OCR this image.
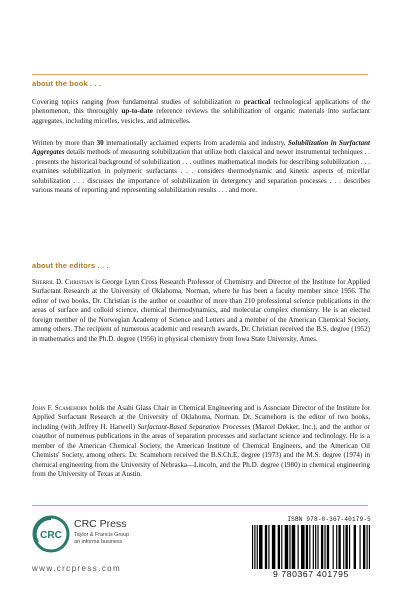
about the book . . .

Covering topics ranging from fundamental studies of solubilization to practical technological applications of the phenomenon, this thoroughly up-to-date reference reviews the solubilization of organic materials into surfactant aggregates, including micelles, vesicles, and admicelles.

Written by more than 30 internationally acclaimed experts from academia and industry, Solubilization in Surfactant Aggregates details methods of measuring solubilization that utilize both classical and newer instrumental techniques . . . presents the historical background of solubilization . . . outlines mathematical models for describing solubilization . . . examines solubilization in polymeric surfactants . . . considers thermodynamic and kinetic aspects of micellar solubilization . . . discusses the importance of solubilization in detergency and separation processes . . . describes various means of reporting and representing solubilization results . . . and more.

about the editors . . .

Sherril D. Christian is George Lynn Cross Research Professor of Chemistry and Director of the Institute for Applied Surfactant Research at the University of Oklahoma, Norman, where he has been a faculty member since 1956. The editor of two books, Dr. Christian is the author or coauthor of more than 210 professional science publications in the areas of surface and colloid science, chemical thermodynamics, and molecular complex chemistry. He is an elected foreign member of the Norwegian Academy of Science and Letters and a member of the American Chemical Society, among others. The recipient of numerous academic and research awards, Dr. Christian received the B.S. degree (1952) in mathematics and the Ph.D. degree (1956) in physical chemistry from Iowa State University, Ames.

John F. Scamehorn holds the Asahi Glass Chair in Chemical Engineering and is Associate Director of the Institute for Applied Surfactant Research at the University of Oklahoma, Norman. Dr. Scamehorn is the editor of two books, including (with Jeffrey H. Harwell) Surfactant-Based Separation Processes (Marcel Dekker, Inc.), and the author or coauthor of numerous publications in the areas of separation processes and surfactant science and technology. He is a member of the American Chemical Society, the American Institute of Chemical Engineers, and the American Oil Chemists' Society, among others. Dr. Scamehorn received the B.S.Ch.E. degree (1973) and the M.S. degree (1974) in chemical engineering from the University of Nebraska—Lincoln, and the Ph.D. degree (1980) in chemical engineering from the University of Texas at Austin.

CRC
CRC Press
Taylor & Francis Group
an informa business
www.crcpress.com
ISBN 978-0-367-40179-5
9 780367 401795
